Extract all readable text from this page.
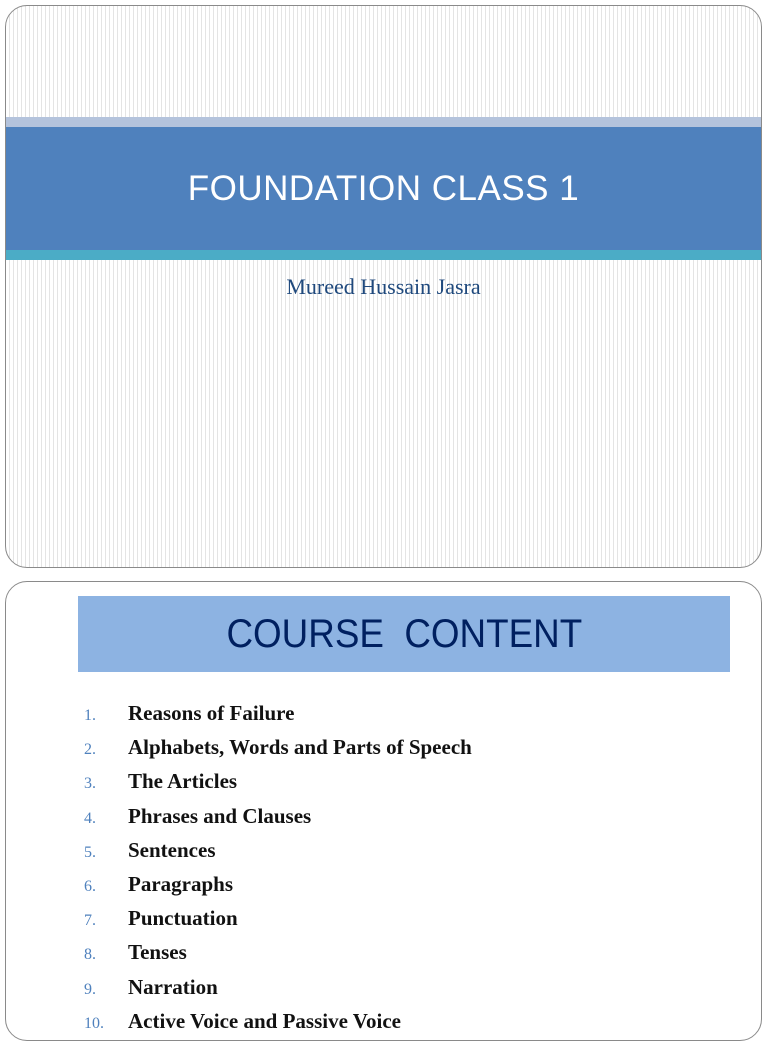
FOUNDATION CLASS 1
Mureed Hussain Jasra
COURSE  CONTENT
1.	Reasons of Failure
2.	Alphabets, Words and Parts of Speech
3.	The Articles
4.	Phrases and Clauses
5.	Sentences
6.	Paragraphs
7.	Punctuation
8.	Tenses
9.	Narration
10.	Active Voice and Passive Voice
